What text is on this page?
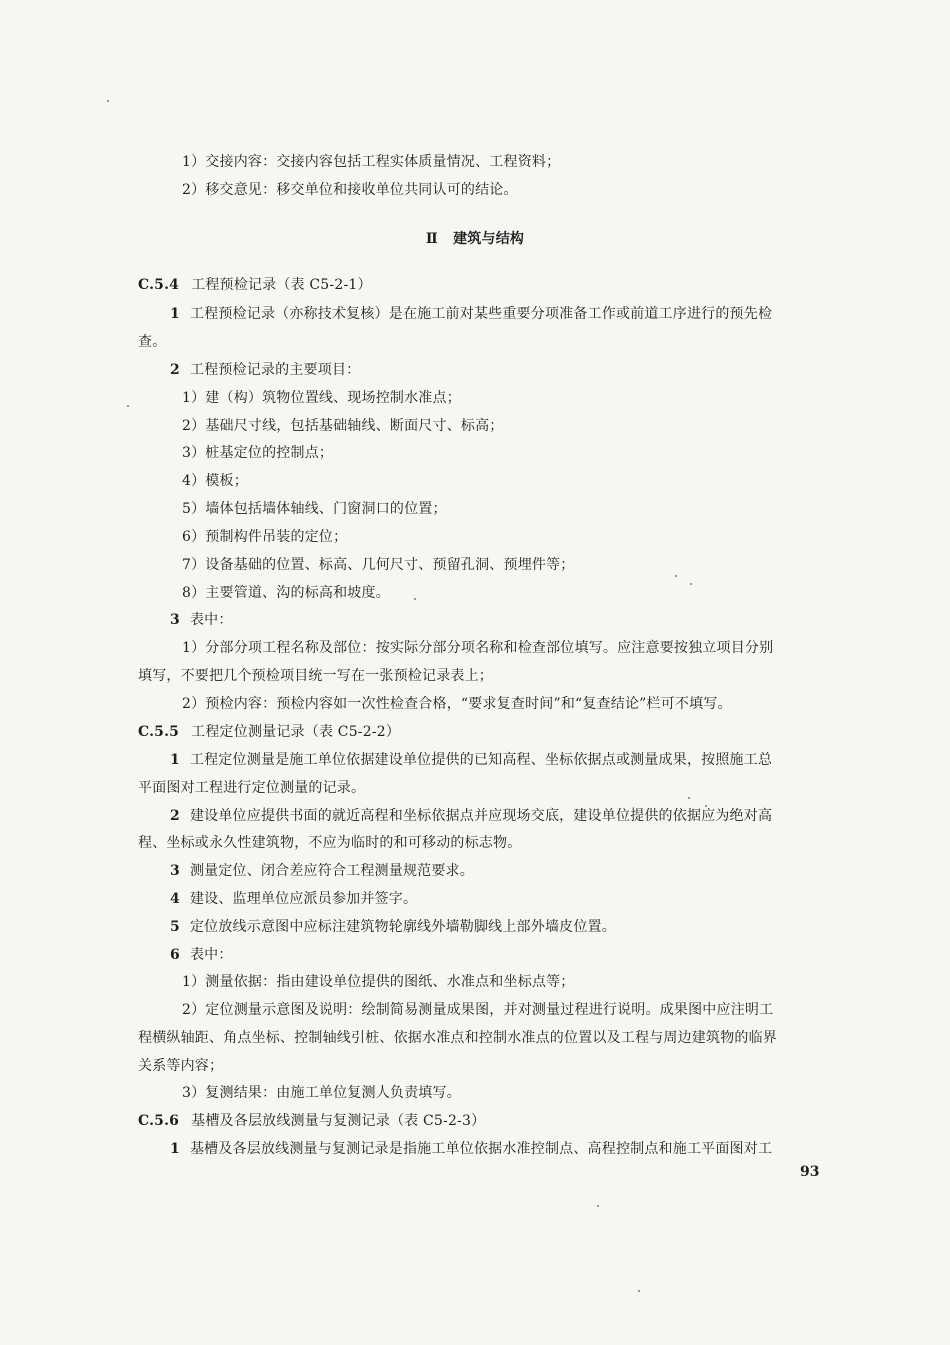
1）交接内容：交接内容包括工程实体质量情况、工程资料；
2）移交意见：移交单位和接收单位共同认可的结论。
Ⅱ 建筑与结构
C.5.4 工程预检记录（表 C5-2-1）
1 工程预检记录（亦称技术复核）是在施工前对某些重要分项准备工作或前道工序进行的预先检
查。
2 工程预检记录的主要项目：
1）建（构）筑物位置线、现场控制水准点；
2）基础尺寸线，包括基础轴线、断面尺寸、标高；
3）桩基定位的控制点；
4）模板；
5）墙体包括墙体轴线、门窗洞口的位置；
6）预制构件吊装的定位；
7）设备基础的位置、标高、几何尺寸、预留孔洞、预埋件等；
8）主要管道、沟的标高和坡度。
3 表中：
1）分部分项工程名称及部位：按实际分部分项名称和检查部位填写。应注意要按独立项目分别
填写，不要把几个预检项目统一写在一张预检记录表上；
2）预检内容：预检内容如一次性检查合格，“要求复查时间”和“复查结论”栏可不填写。
C.5.5 工程定位测量记录（表 C5-2-2）
1 工程定位测量是施工单位依据建设单位提供的已知高程、坐标依据点或测量成果，按照施工总
平面图对工程进行定位测量的记录。
2 建设单位应提供书面的就近高程和坐标依据点并应现场交底，建设单位提供的依据应为绝对高
程、坐标或永久性建筑物，不应为临时的和可移动的标志物。
3 测量定位、闭合差应符合工程测量规范要求。
4 建设、监理单位应派员参加并签字。
5 定位放线示意图中应标注建筑物轮廓线外墙勒脚线上部外墙皮位置。
6 表中：
1）测量依据：指由建设单位提供的图纸、水准点和坐标点等；
2）定位测量示意图及说明：绘制简易测量成果图，并对测量过程进行说明。成果图中应注明工
程横纵轴距、角点坐标、控制轴线引桩、依据水准点和控制水准点的位置以及工程与周边建筑物的临界
关系等内容；
3）复测结果：由施工单位复测人负责填写。
C.5.6 基槽及各层放线测量与复测记录（表 C5-2-3）
1 基槽及各层放线测量与复测记录是指施工单位依据水准控制点、高程控制点和施工平面图对工
93
